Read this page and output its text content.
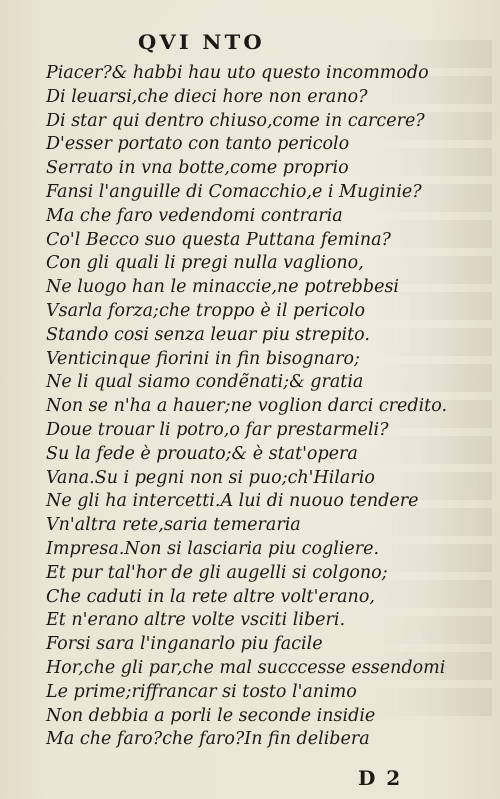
QVI NTO
Piacer?& habbi hau uto questo incommodo
Di leuarsi,che dieci hore non erano?
Di star qui dentro chiuso,come in carcere?
D'esser portato con tanto pericolo
Serrato in vna botte,come proprio
Fansi l'anguille di Comacchio,e i Muginie?
Ma che faro vedendomi contraria
Co'l Becco suo questa Puttana femina?
Con gli quali li pregi nulla vagliono,
Ne luogo han le minaccie,ne potrebbesi
Vsarla forza;che troppo è il pericolo
Stando cosi senza leuar piu strepito.
Venticinque fiorini in fin bisognaro;
Ne li qual siamo condẽnati;& gratia
Non se n'ha a hauer;ne voglion darci credito.
Doue trouar li potro,o far prestarmeli?
Su la fede è prouato;& è stat'opera
Vana.Su i pegni non si puo;ch'Hilario
Ne gli ha intercetti.A lui di nuouo tendere
Vn'altra rete,saria temeraria
Impresa.Non si lasciaria piu cogliere.
Et pur tal'hor de gli augelli si colgono;
Che caduti in la rete altre volt'erano,
Et n'erano altre volte vsciti liberi.
Forsi sara l'inganarlo piu facile
Hor,che gli par,che mal succcesse essendomi
Le prime;riffrancar si tosto l'animo
Non debbia a porli le seconde insidie
Ma che faro?che faro?In fin delibera
D 2
